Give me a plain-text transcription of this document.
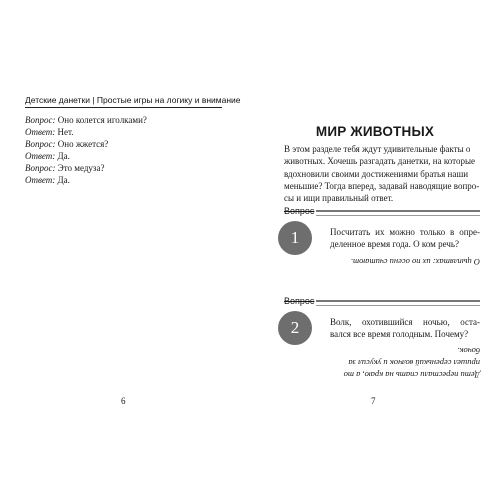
Детские данетки | Простые игры на логику и внимание
Вопрос: Оно колется иголками?
Ответ: Нет.
Вопрос: Оно жжется?
Ответ: Да.
Вопрос: Это медуза?
Ответ: Да.
6
МИР ЖИВОТНЫХ
В этом разделе тебя ждут удивительные факты о
животных. Хочешь разгадать данетки, на которые
вдохновили своими достижениями братья наши
меньшие? Тогда вперед, задавай наводящие вопро-
сы и ищи правильный ответ.
Вопрос
1	Посчитать их можно только в опре-
деленное время года. О ком речь?
О цыплятах: их по осени считают.
Вопрос
2	Волк, охотившийся ночью, оста-
вался все время голодным. Почему?
Дети перестали спать на краю, а то
пришел серенький волчок и укусил за
бочок.
7
